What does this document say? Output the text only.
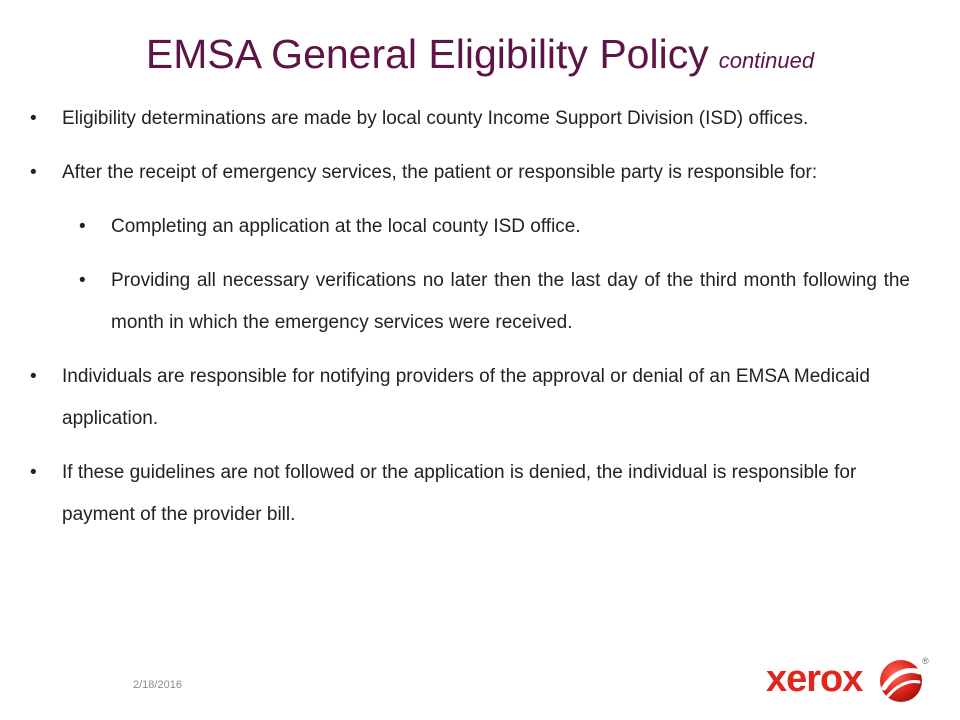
EMSA General Eligibility Policy continued
•	Eligibility determinations are made by local county Income Support Division (ISD) offices.
•	After the receipt of emergency services, the patient or responsible party is responsible for:
•	Completing an application at the local county ISD office.
•	Providing all necessary verifications no later then the last day of the third month following the month in which the emergency services were received.
•	Individuals are responsible for notifying providers of the approval or denial of an EMSA Medicaid application.
•	If these guidelines are not followed or the application is denied, the individual is responsible for payment of the provider bill.
2/18/2016	xerox	®
